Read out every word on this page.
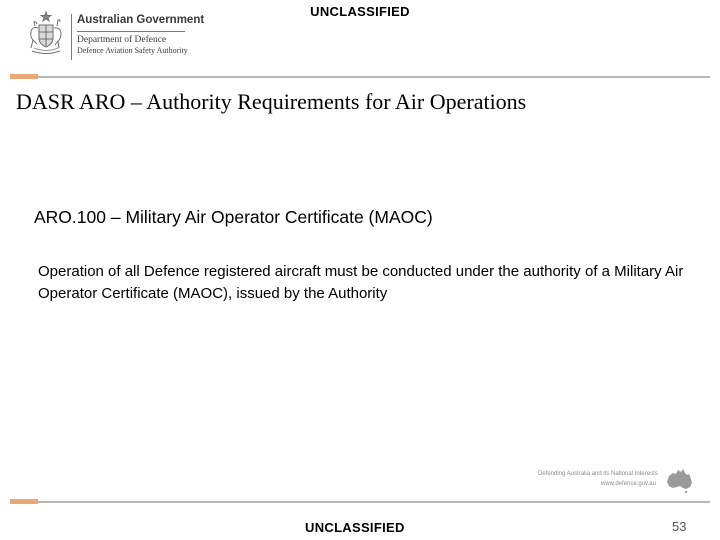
UNCLASSIFIED
Australian Government
Department of Defence
Defence Aviation Safety Authority
DASR ARO – Authority Requirements for Air Operations
ARO.100 – Military Air Operator Certificate (MAOC)
Operation of all Defence registered aircraft must be conducted under the authority of a Military Air Operator Certificate (MAOC), issued by the Authority
Defending Australia and its National Interests
www.defence.gov.au
UNCLASSIFIED	53
